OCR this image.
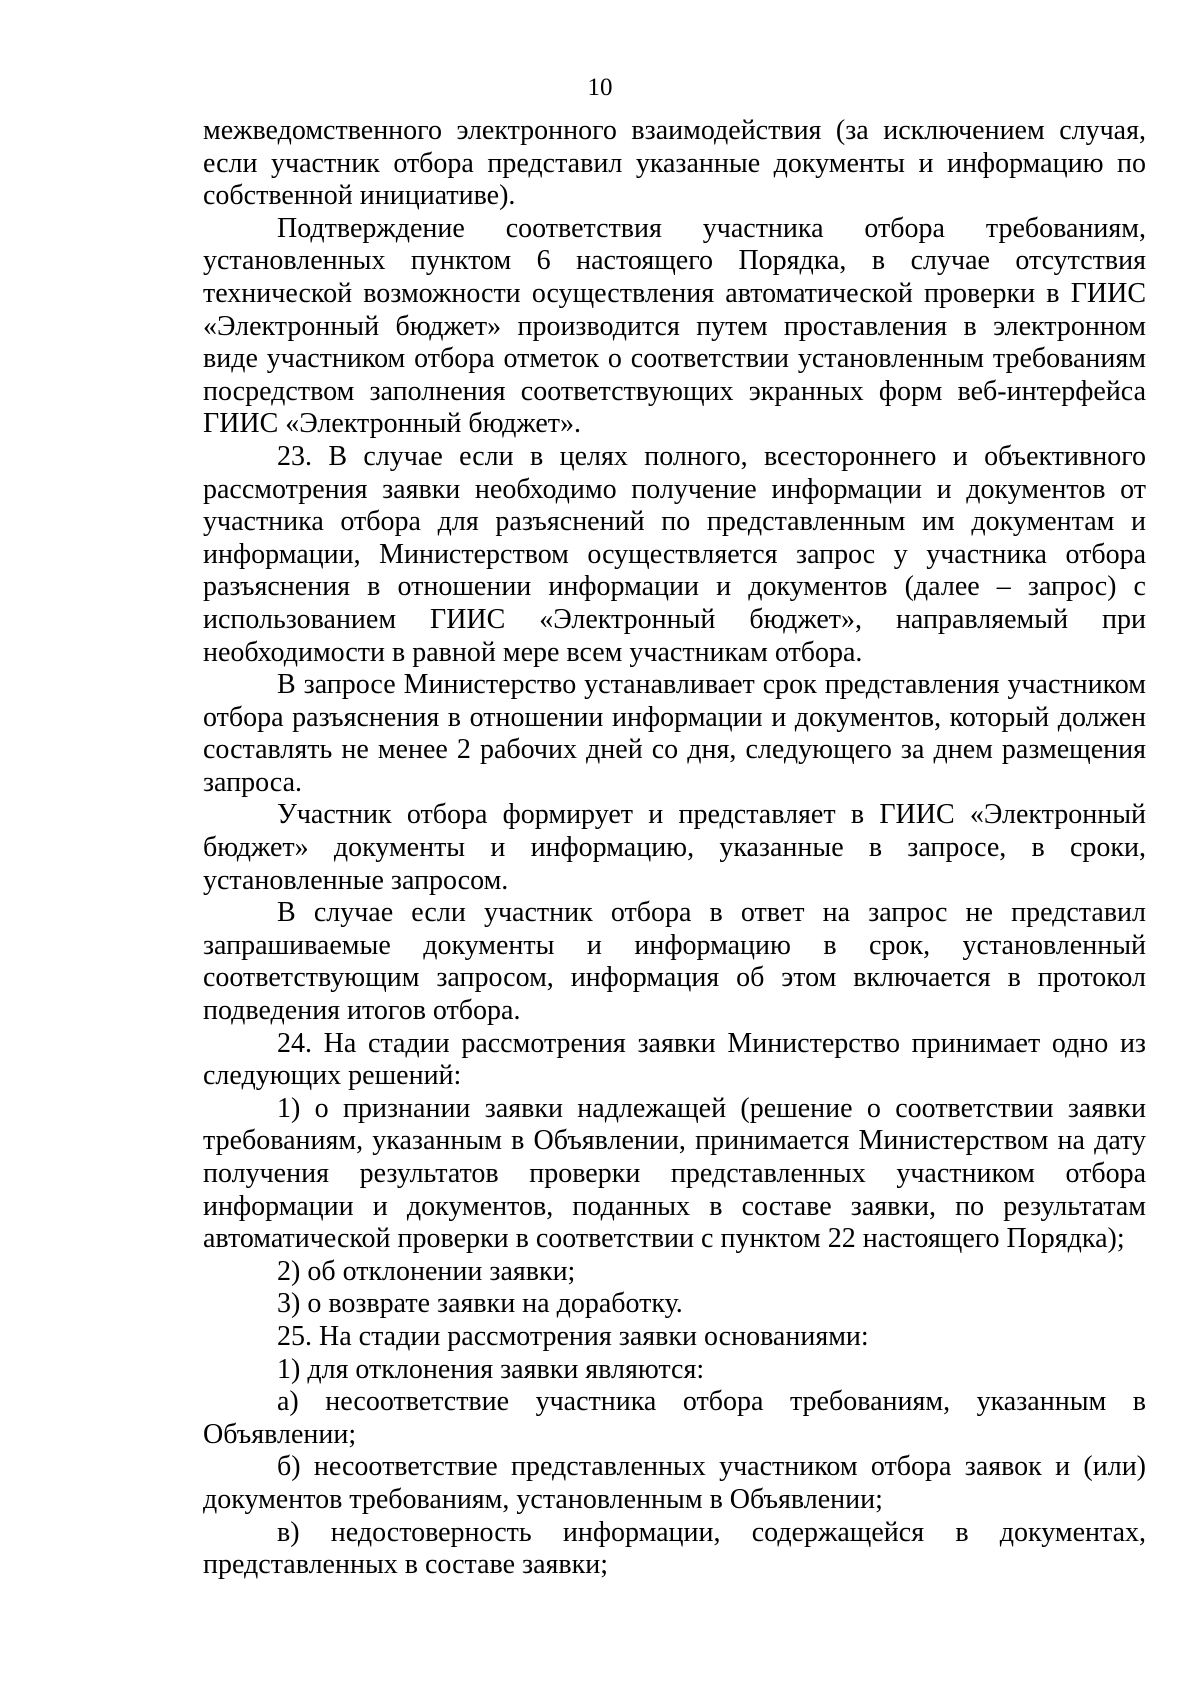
10

межведомственного электронного взаимодействия (за исключением случая, если участник отбора представил указанные документы и информацию по собственной инициативе).

Подтверждение соответствия участника отбора требованиям, установленных пунктом 6 настоящего Порядка, в случае отсутствия технической возможности осуществления автоматической проверки в ГИИС «Электронный бюджет» производится путем проставления в электронном виде участником отбора отметок о соответствии установленным требованиям посредством заполнения соответствующих экранных форм веб-интерфейса ГИИС «Электронный бюджет».

23. В случае если в целях полного, всестороннего и объективного рассмотрения заявки необходимо получение информации и документов от участника отбора для разъяснений по представленным им документам и информации, Министерством осуществляется запрос у участника отбора разъяснения в отношении информации и документов (далее – запрос) с использованием ГИИС «Электронный бюджет», направляемый при необходимости в равной мере всем участникам отбора.

В запросе Министерство устанавливает срок представления участником отбора разъяснения в отношении информации и документов, который должен составлять не менее 2 рабочих дней со дня, следующего за днем размещения запроса.

Участник отбора формирует и представляет в ГИИС «Электронный бюджет» документы и информацию, указанные в запросе, в сроки, установленные запросом.

В случае если участник отбора в ответ на запрос не представил запрашиваемые документы и информацию в срок, установленный соответствующим запросом, информация об этом включается в протокол подведения итогов отбора.

24. На стадии рассмотрения заявки Министерство принимает одно из следующих решений:

1) о признании заявки надлежащей (решение о соответствии заявки требованиям, указанным в Объявлении, принимается Министерством на дату получения результатов проверки представленных участником отбора информации и документов, поданных в составе заявки, по результатам автоматической проверки в соответствии с пунктом 22 настоящего Порядка);

2) об отклонении заявки;

3) о возврате заявки на доработку.

25. На стадии рассмотрения заявки основаниями:

1) для отклонения заявки являются:

а) несоответствие участника отбора требованиям, указанным в Объявлении;

б) несоответствие представленных участником отбора заявок и (или) документов требованиям, установленным в Объявлении;

в) недостоверность информации, содержащейся в документах, представленных в составе заявки;
